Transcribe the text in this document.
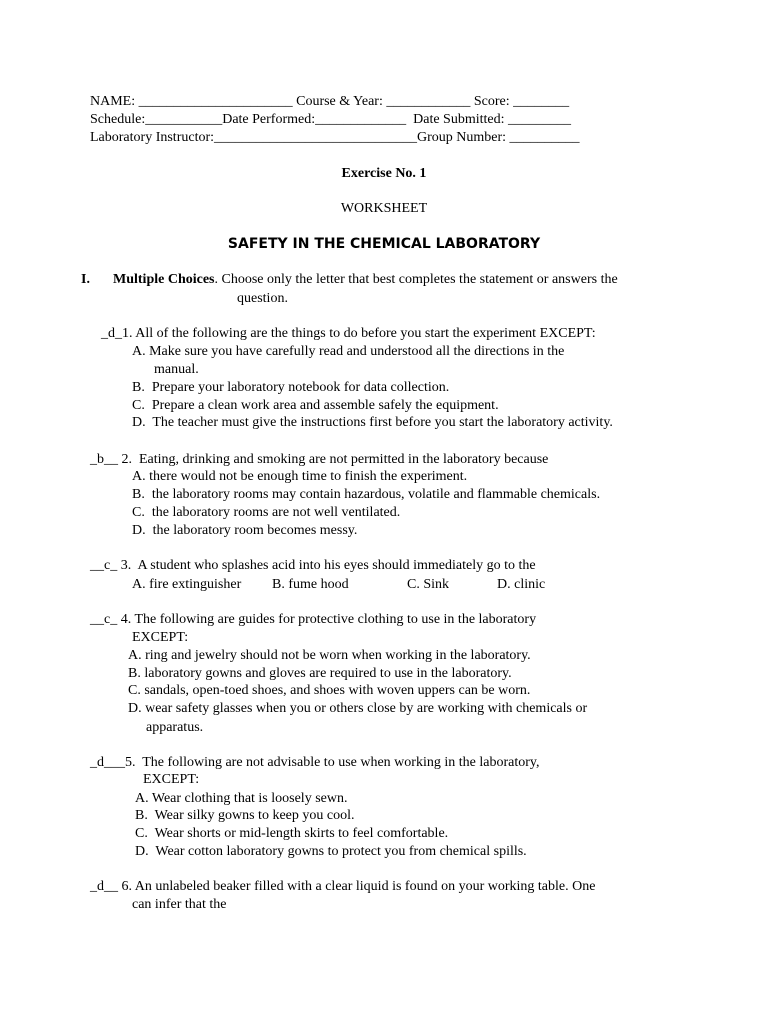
NAME: ______________________ Course & Year: ____________ Score: ________
Schedule:___________Date Performed:_____________  Date Submitted: _________
Laboratory Instructor:_____________________________Group Number: __________
Exercise No. 1
WORKSHEET
SAFETY IN THE CHEMICAL LABORATORY
I. Multiple Choices. Choose only the letter that best completes the statement or answers the
question.
_d_1. All of the following are the things to do before you start the experiment EXCEPT:
A. Make sure you have carefully read and understood all the directions in the
manual.
B.  Prepare your laboratory notebook for data collection.
C.  Prepare a clean work area and assemble safely the equipment.
D.  The teacher must give the instructions first before you start the laboratory activity.
_b__ 2.  Eating, drinking and smoking are not permitted in the laboratory because
A. there would not be enough time to finish the experiment.
B.  the laboratory rooms may contain hazardous, volatile and flammable chemicals.
C.  the laboratory rooms are not well ventilated.
D.  the laboratory room becomes messy.
__c_ 3.  A student who splashes acid into his eyes should immediately go to the
A. fire extinguisher B. fume hood	C. Sink	D. clinic
__c_ 4. The following are guides for protective clothing to use in the laboratory
EXCEPT:
A. ring and jewelry should not be worn when working in the laboratory.
B. laboratory gowns and gloves are required to use in the laboratory.
C. sandals, open-toed shoes, and shoes with woven uppers can be worn.
D. wear safety glasses when you or others close by are working with chemicals or
apparatus.
_d___5.  The following are not advisable to use when working in the laboratory,
EXCEPT:
A. Wear clothing that is loosely sewn.
B.  Wear silky gowns to keep you cool.
C.  Wear shorts or mid-length skirts to feel comfortable.
D.  Wear cotton laboratory gowns to protect you from chemical spills.
_d__ 6. An unlabeled beaker filled with a clear liquid is found on your working table. One
can infer that the
